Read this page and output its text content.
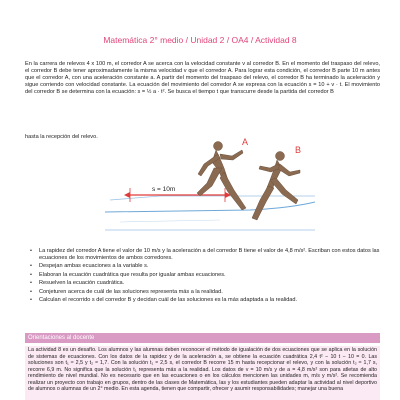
Matemática 2° medio / Unidad 2 / OA4 / Actividad 8

En la carrera de relevos 4 x 100 m, el corredor A se acerca con la velocidad constante v al corredor B. En el momento del traspaso del relevo, el corredor B debe tener aproximadamente la misma velocidad v que el corredor A. Para lograr esta condición, el corredor B parte 10 m antes que el corredor A, con una aceleración constante a. A partir del momento del traspaso del relevo, el corredor B ha terminado la aceleración y sigue corriendo con velocidad constante. La ecuación del movimiento del corredor A se expresa con la ecuación s = 10 + v · t. El movimiento del corredor B se determina con la ecuación: s = ½ a · t². Se busca el tiempo t que transcurre desde la partida del corredor B

hasta la recepción del relevo.
s = 10m
A
B
• La rapidez del corredor A tiene el valor de 10 m/s y la aceleración a del corredor B tiene el valor de 4,8 m/s². Escriban con estos datos las ecuaciones de los movimientos de ambos corredores.
• Despejan ambas ecuaciones a la variable s.
• Elaboran la ecuación cuadrática que resulta por igualar ambas ecuaciones.
• Resuelven la ecuación cuadrática.
• Conjeturen acerca de cuál de las soluciones representa más a la realidad.
• Calculan el recorrido s del corredor B y decidan cuál de las soluciones es la más adaptada a la realidad.
Orientaciones al docente
La actividad 8 es un desafío. Los alumnos y las alumnas deben reconocer el método de igualación de dos ecuaciones que se aplica en la solución de sistemas de ecuaciones. Con los datos de la rapidez y de la aceleración a, se obtiene la ecuación cuadrática 2,4 t² − 10 t − 10 = 0. Las soluciones son t₁ ≈ 2,5 y t₂ ≈ 1,7. Con la solución t₁ ≈ 2,5 s, el corredor B recorre 15 m hasta recepcionar el relevo, y con la solución t₂ ≈ 1,7 s, recorre 6,9 m. No significa que la solución t₁ representa más a la realidad. Los datos de v = 10 m/s y de a = 4,8 m/s² son para atletas de alto rendimiento de nivel mundial. No es necesario que en las ecuaciones o en los cálculos mencionen las unidades m, m/s y m/s². Se recomienda realizar un proyecto con trabajo en grupos, dentro de las clases de Matemática, las y los estudiantes pueden adaptar la actividad al nivel deportivo de alumnos o alumnas de un 2° medio. En esta agenda, tienen que compartir, ofrecer y asumir responsabilidades; manejar una buena
